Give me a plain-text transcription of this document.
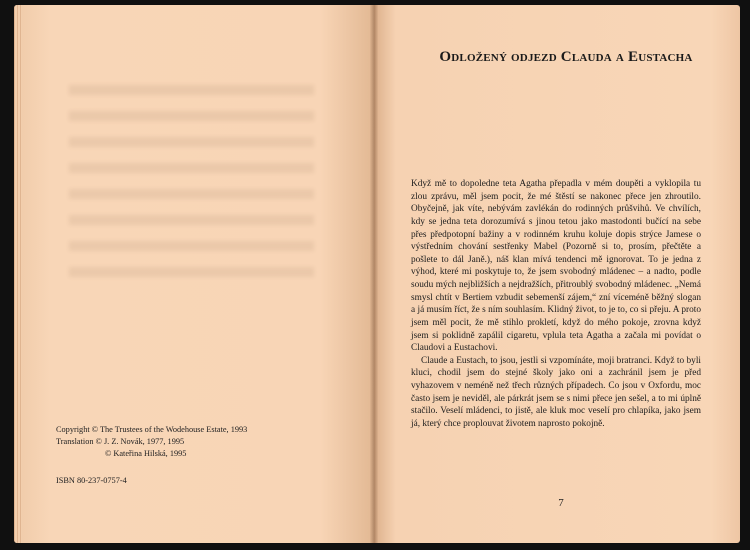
Copyright © The Trustees of the Wodehouse Estate, 1993
Translation © J. Z. Novák, 1977, 1995
© Kateřina Hilská, 1995
ISBN 80-237-0757-4
Odložený odjezd Clauda a Eustacha

Když mě to dopoledne teta Agatha přepadla v mém doupěti a vyklopila tu zlou zprávu, měl jsem pocit, že mé štěstí se nakonec přece jen zhroutilo. Obyčejně, jak víte, nebývám zavlékán do rodinných průšvihů. Ve chvílích, kdy se jedna teta dorozumívá s jinou tetou jako mastodonti bučící na sebe přes předpotopní bažiny a v rodinném kruhu koluje dopis strýce Jamese o výstředním chování sestřenky Mabel (Pozorně si to, prosím, přečtěte a pošlete to dál Janě.), náš klan mívá tendenci mě ignorovat. To je jedna z výhod, které mi poskytuje to, že jsem svobodný mládenec – a nadto, podle soudu mých nejbližších a nejdražších, přitroublý svobodný mládenec. „Nemá smysl chtít v Bertiem vzbudit sebemenší zájem,“ zní víceméně běžný slogan a já musím říct, že s ním souhlasím. Klidný život, to je to, co si přeju. A proto jsem měl pocit, že mě stihlo prokletí, když do mého pokoje, zrovna když jsem si poklidně zapálil cigaretu, vplula teta Agatha a začala mi povídat o Claudovi a Eustachovi.

Claude a Eustach, to jsou, jestli si vzpomínáte, moji bratranci. Když to byli kluci, chodil jsem do stejné školy jako oni a zachránil jsem je před vyhazovem v neméně než třech různých případech. Co jsou v Oxfordu, moc často jsem je neviděl, ale párkrát jsem se s nimi přece jen sešel, a to mi úplně stačilo. Veselí mládenci, to jistě, ale kluk moc veselí pro chlapíka, jako jsem já, který chce proplouvat životem naprosto pokojně.

7
